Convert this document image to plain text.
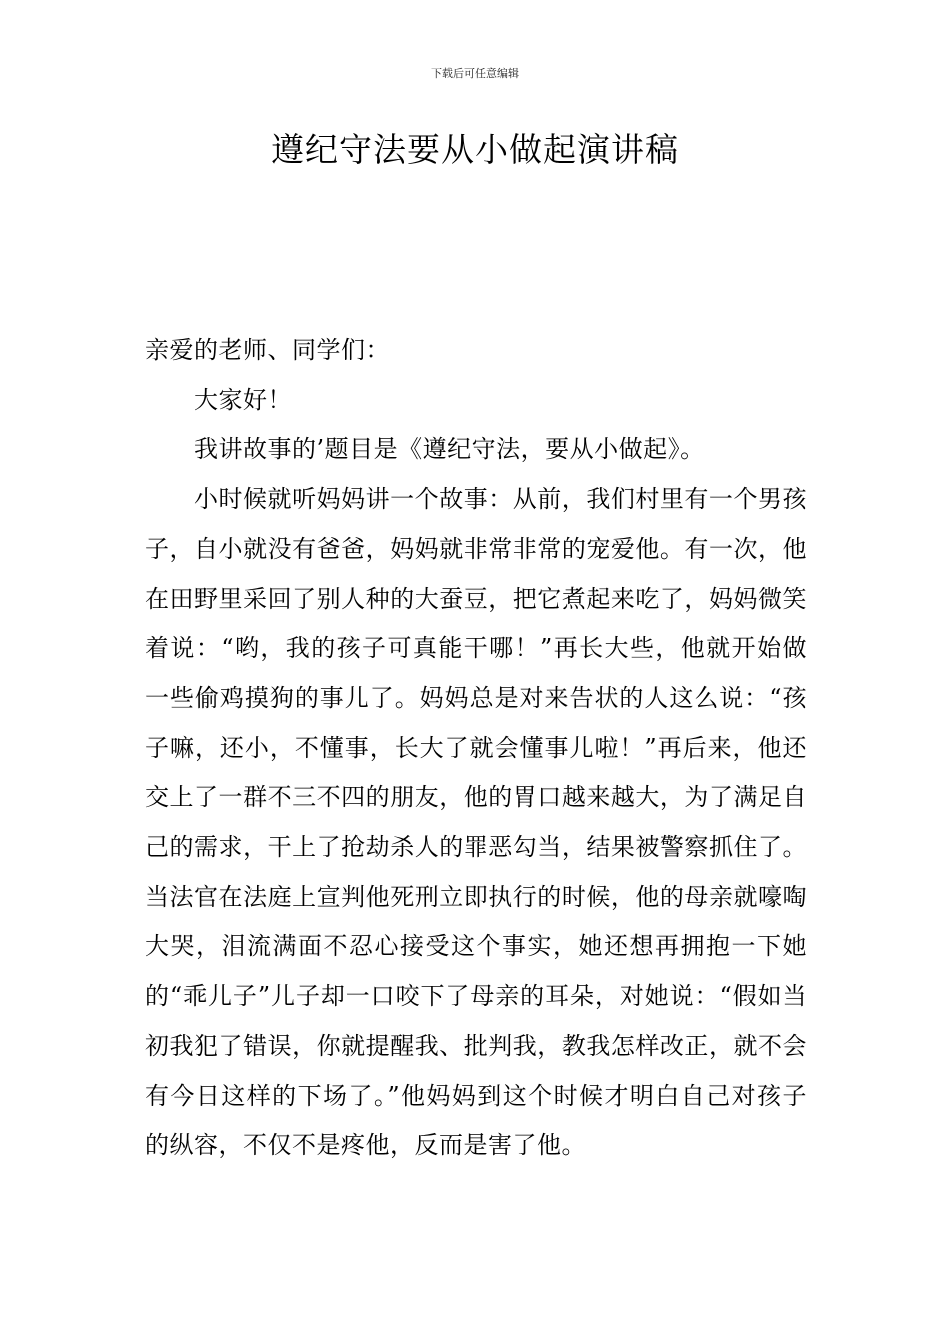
下载后可任意编辑
遵纪守法要从小做起演讲稿

亲爱的老师、同学们：

大家好！

我讲故事的’题目是《遵纪守法，要从小做起》。

小时候就听妈妈讲一个故事：从前，我们村里有一个男孩子，自小就没有爸爸，妈妈就非常非常的宠爱他。有一次，他在田野里采回了别人种的大蚕豆，把它煮起来吃了，妈妈微笑着说：“哟，我的孩子可真能干哪！”再长大些，他就开始做一些偷鸡摸狗的事儿了。妈妈总是对来告状的人这么说：“孩子嘛，还小，不懂事，长大了就会懂事儿啦！”再后来，他还交上了一群不三不四的朋友，他的胃口越来越大，为了满足自己的需求，干上了抢劫杀人的罪恶勾当，结果被警察抓住了。当法官在法庭上宣判他死刑立即执行的时候，他的母亲就嚎啕大哭，泪流满面不忍心接受这个事实，她还想再拥抱一下她的“乖儿子”儿子却一口咬下了母亲的耳朵，对她说：“假如当初我犯了错误，你就提醒我、批判我，教我怎样改正，就不会有今日这样的下场了。”他妈妈到这个时候才明白自己对孩子的纵容，不仅不是疼他，反而是害了他。
